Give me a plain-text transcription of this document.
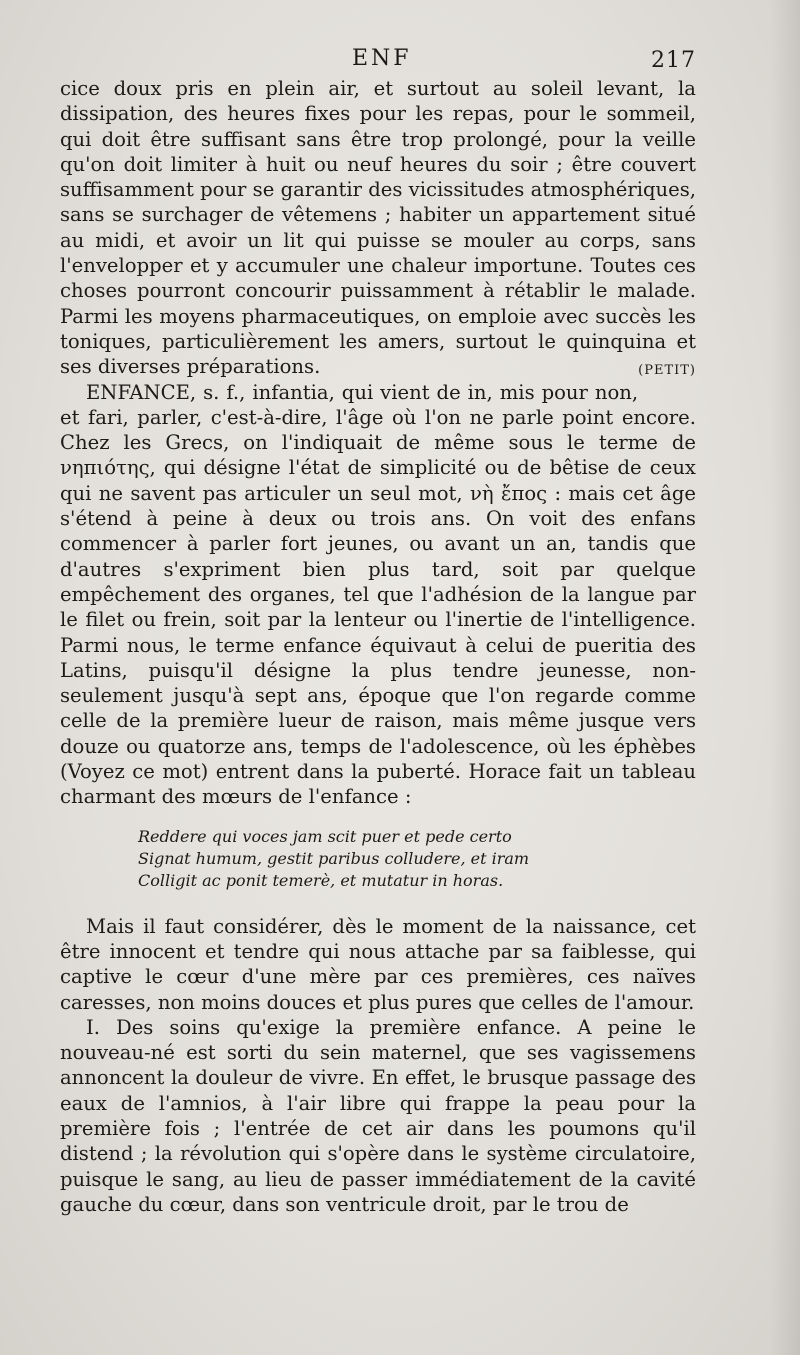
ENF	217

cice doux pris en plein air, et surtout au soleil levant, la dissipation, des heures fixes pour les repas, pour le sommeil, qui doit être suffisant sans être trop prolongé, pour la veille qu'on doit limiter à huit ou neuf heures du soir ; être couvert suffisamment pour se garantir des vicissitudes atmosphériques, sans se surchager de vêtemens ; habiter un appartement situé au midi, et avoir un lit qui puisse se mouler au corps, sans l'envelopper et y accumuler une chaleur importune. Toutes ces choses pourront concourir puissamment à rétablir le malade. Parmi les moyens pharmaceutiques, on emploie avec succès les toniques, particulièrement les amers, surtout le quinquina et ses diverses préparations.	(PETIT)

ENFANCE, s. f., infantia, qui vient de in, mis pour non, et fari, parler, c'est-à-dire, l'âge où l'on ne parle point encore. Chez les Grecs, on l'indiquait de même sous le terme de νηπιότης, qui désigne l'état de simplicité ou de bêtise de ceux qui ne savent pas articuler un seul mot, νὴ ἔπος : mais cet âge s'étend à peine à deux ou trois ans. On voit des enfans commencer à parler fort jeunes, ou avant un an, tandis que d'autres s'expriment bien plus tard, soit par quelque empêchement des organes, tel que l'adhésion de la langue par le filet ou frein, soit par la lenteur ou l'inertie de l'intelligence. Parmi nous, le terme enfance équivaut à celui de pueritia des Latins, puisqu'il désigne la plus tendre jeunesse, non-seulement jusqu'à sept ans, époque que l'on regarde comme celle de la première lueur de raison, mais même jusque vers douze ou quatorze ans, temps de l'adolescence, où les éphèbes (Voyez ce mot) entrent dans la puberté. Horace fait un tableau charmant des mœurs de l'enfance :

Reddere qui voces jam scit puer et pede certo
Signat humum, gestit paribus colludere, et iram
Colligit ac ponit temerè, et mutatur in horas.

Mais il faut considérer, dès le moment de la naissance, cet être innocent et tendre qui nous attache par sa faiblesse, qui captive le cœur d'une mère par ces premières, ces naïves caresses, non moins douces et plus pures que celles de l'amour.

I. Des soins qu'exige la première enfance. A peine le nouveau-né est sorti du sein maternel, que ses vagissemens annoncent la douleur de vivre. En effet, le brusque passage des eaux de l'amnios, à l'air libre qui frappe la peau pour la première fois ; l'entrée de cet air dans les poumons qu'il distend ; la révolution qui s'opère dans le système circulatoire, puisque le sang, au lieu de passer immédiatement de la cavité gauche du cœur, dans son ventricule droit, par le trou de
